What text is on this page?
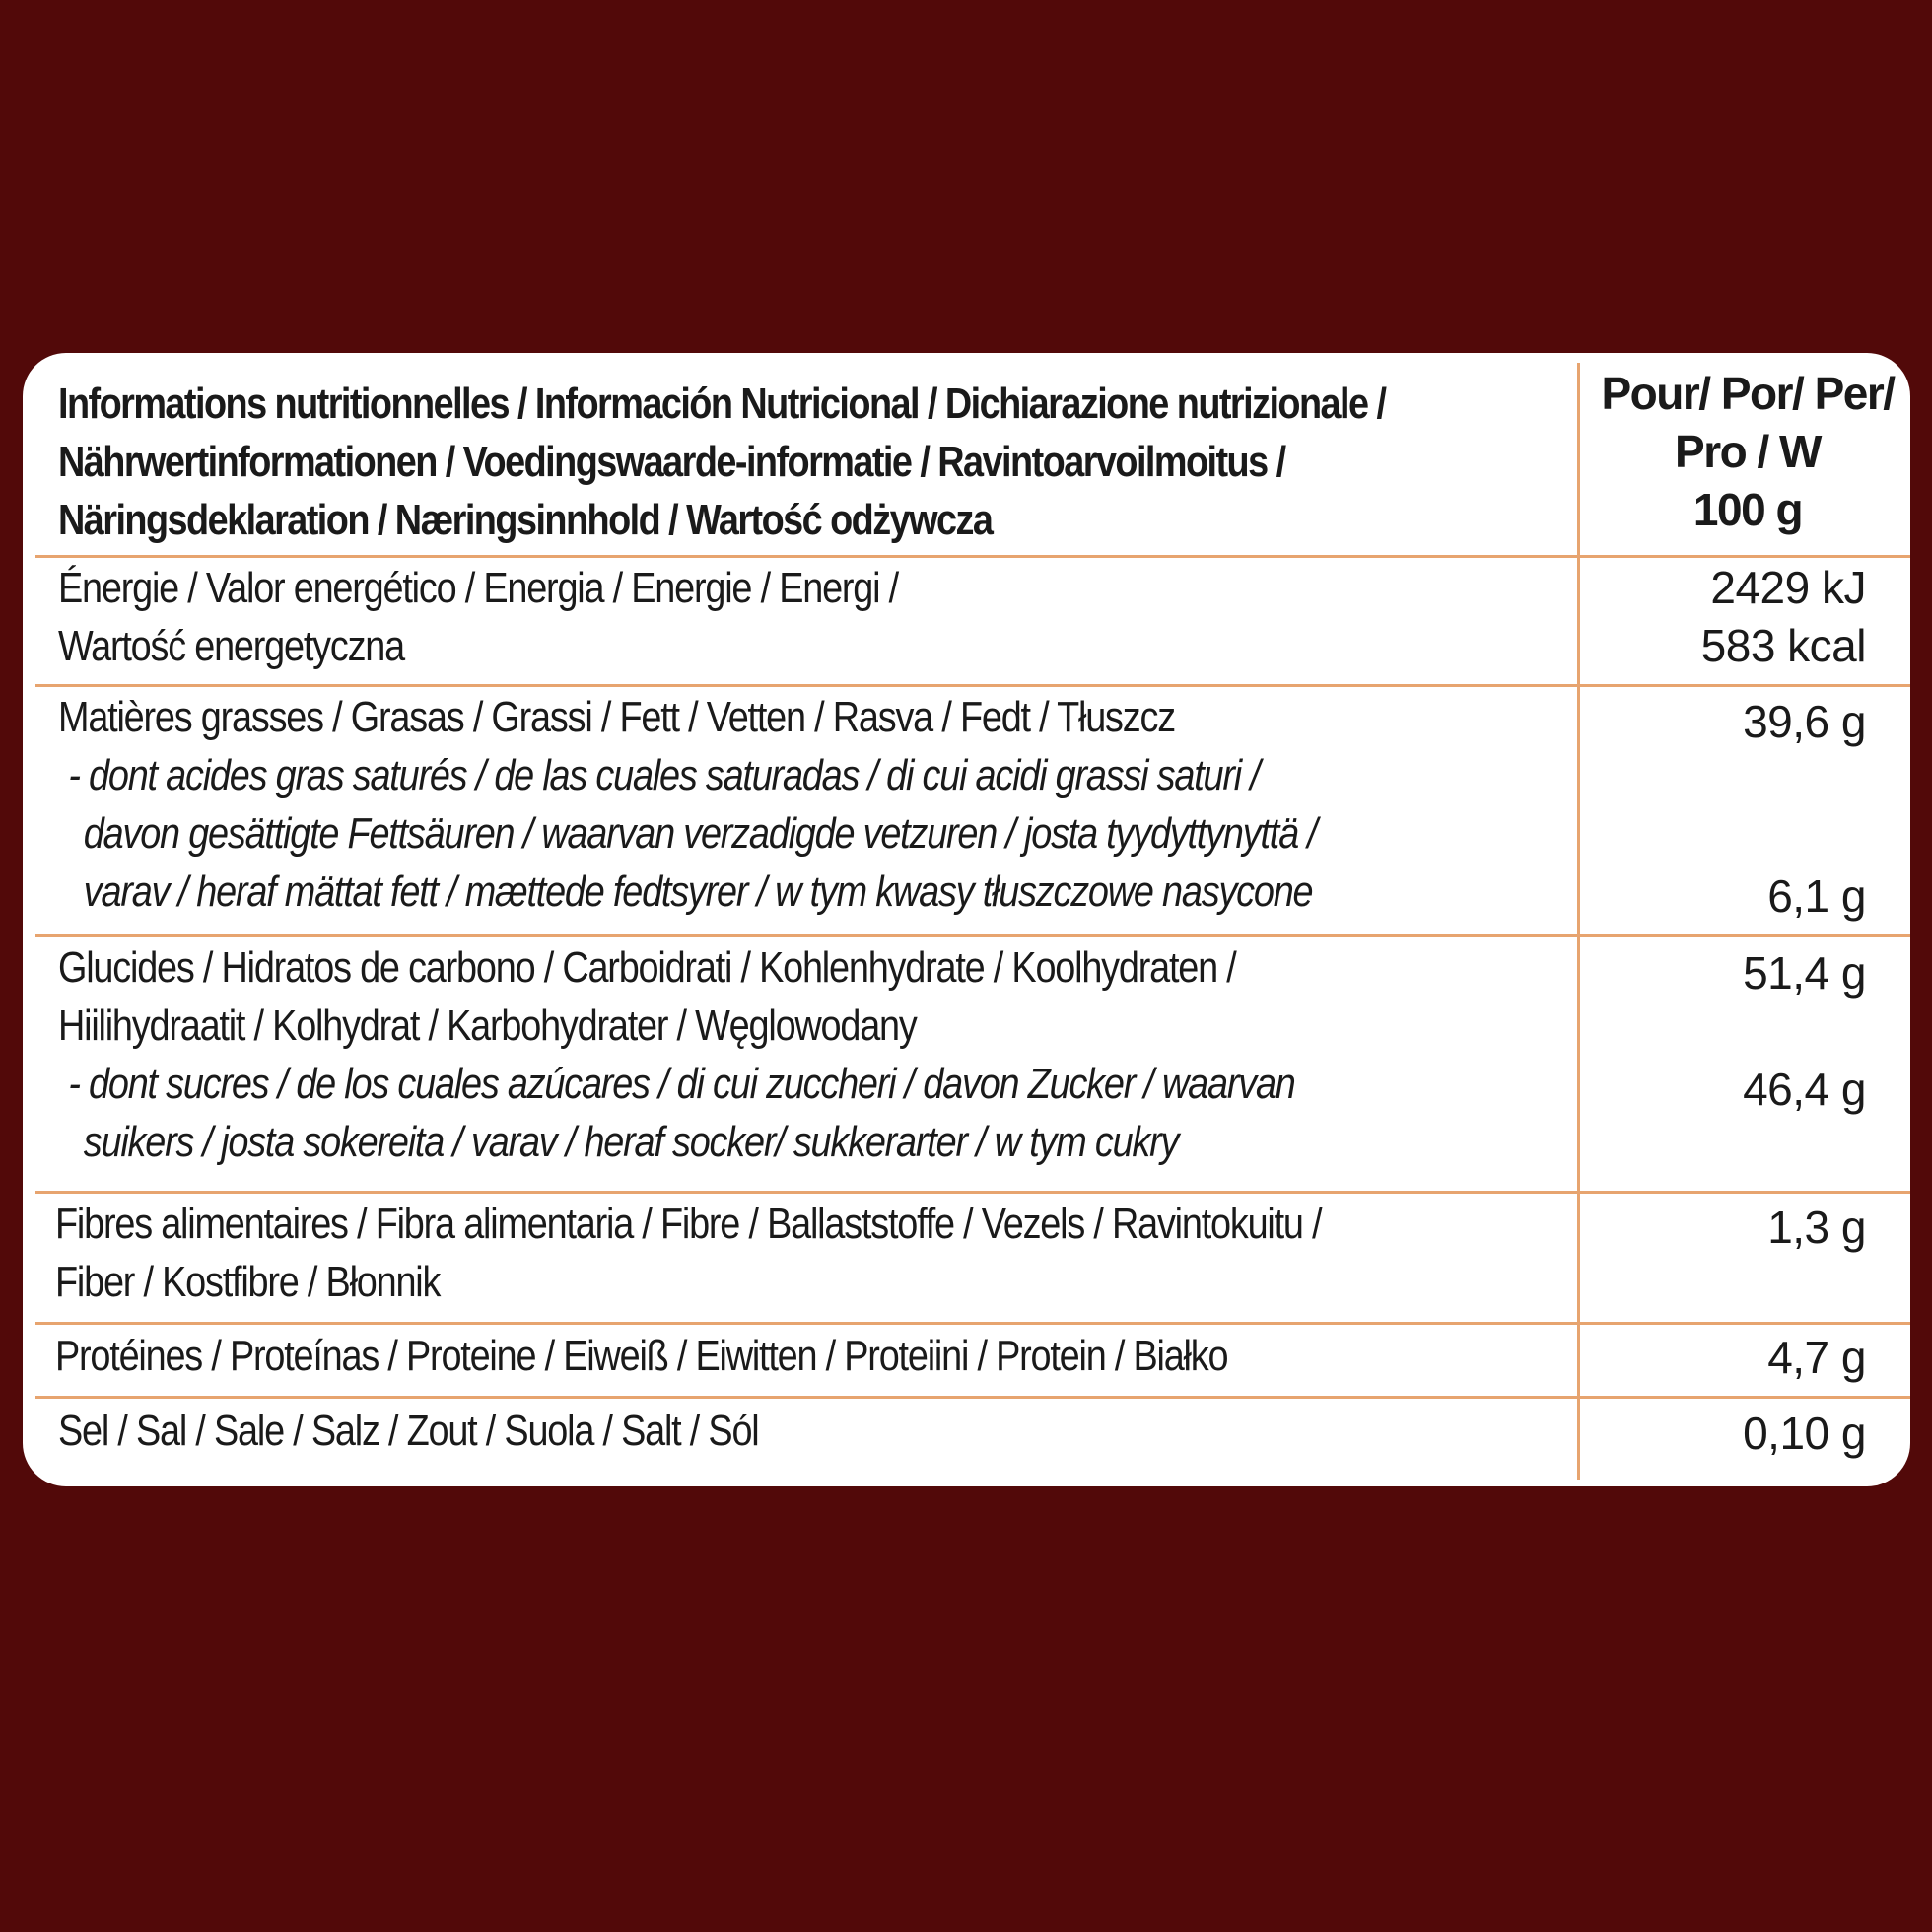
Informations nutritionnelles / Información Nutricional / Dichiarazione nutrizionale /
Nährwertinformationen / Voedingswaarde-informatie / Ravintoarvoilmoitus /
Näringsdeklaration / Næringsinnhold / Wartość odżywcza
Pour/ Por/ Per/
Pro / W
100 g
Énergie / Valor energético / Energia / Energie / Energi /
Wartość energetyczna
2429 kJ
583 kcal
Matières grasses / Grasas / Grassi / Fett / Vetten / Rasva / Fedt / Tłuszcz
- dont acides gras saturés / de las cuales saturadas / di cui acidi grassi saturi /
davon gesättigte Fettsäuren / waarvan verzadigde vetzuren / josta tyydyttynyttä /
varav / heraf mättat fett / mættede fedtsyrer / w tym kwasy tłuszczowe nasycone
39,6 g
6,1 g
Glucides / Hidratos de carbono / Carboidrati / Kohlenhydrate / Koolhydraten /
Hiilihydraatit / Kolhydrat / Karbohydrater / Węglowodany
- dont sucres / de los cuales azúcares / di cui zuccheri / davon Zucker / waarvan
suikers / josta sokereita / varav / heraf socker/ sukkerarter / w tym cukry
51,4 g
46,4 g
Fibres alimentaires / Fibra alimentaria / Fibre / Ballaststoffe / Vezels / Ravintokuitu /
Fiber / Kostfibre / Błonnik
1,3 g
Protéines / Proteínas / Proteine / Eiweiß / Eiwitten / Proteiini / Protein / Białko	4,7 g
Sel / Sal / Sale / Salz / Zout / Suola / Salt / Sól	0,10 g
